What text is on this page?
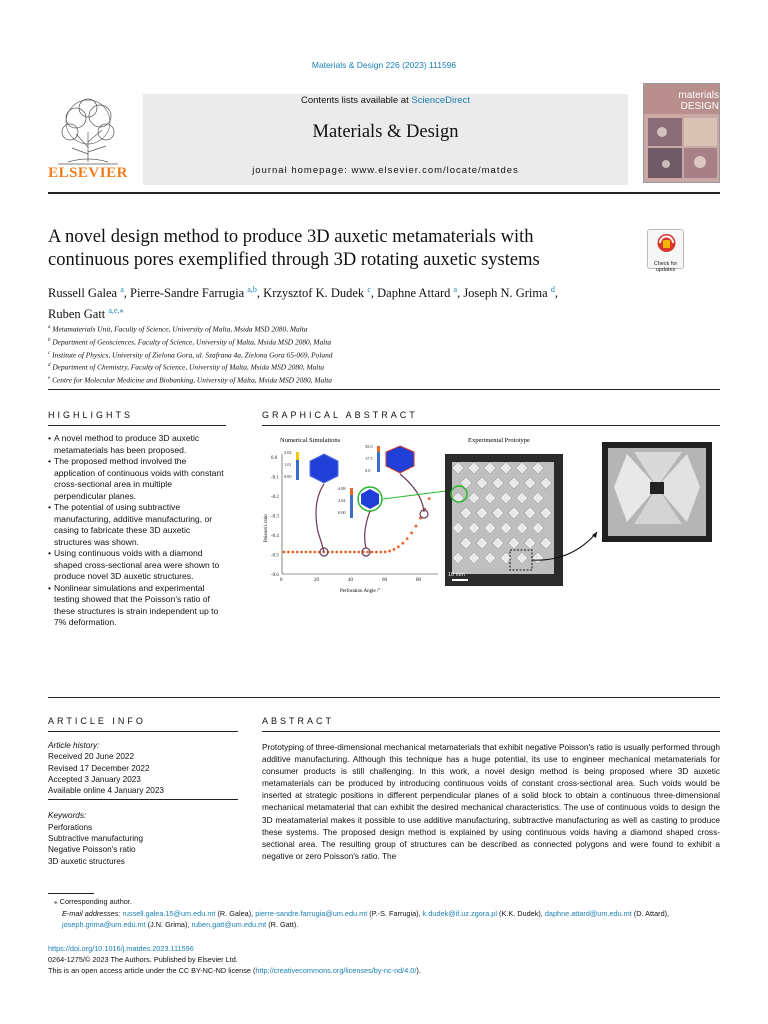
Materials & Design 226 (2023) 111596
ELSEVIER
Contents lists available at ScienceDirect
Materials & Design
journal homepage: www.elsevier.com/locate/matdes
materials DESIGN
A novel design method to produce 3D auxetic metamaterials with continuous pores exemplified through 3D rotating auxetic systems	Check for updates
Russell Galea $^a$, Pierre-Sandre Farrugia $^{a,b}$, Krzysztof K. Dudek $^c$, Daphne Attard $^a$, Joseph N. Grima $^d$,
Ruben Gatt $^{a,e,⁎}$
$^a$ Metamaterials Unit, Faculty of Science, University of Malta, Msida MSD 2080, Malta
$^b$ Department of Geosciences, Faculty of Science, University of Malta, Msida MSD 2080, Malta
$^c$ Institute of Physics, University of Zielona Gora, ul. Szafrana 4a, Zielona Gora 65-069, Poland
$^d$ Department of Chemistry, Faculty of Science, University of Malta, Msida MSD 2080, Malta
$^e$ Centre for Molecular Medicine and Biobanking, University of Malta, Msida MSD 2080, Malta
HIGHLIGHTS
• A novel method to produce 3D auxetic metamaterials has been proposed.
• The proposed method involved the application of continuous voids with constant cross-sectional area in multiple perpendicular planes.
• The potential of using subtractive manufacturing, additive manufacturing, or casing to fabricate these 3D auxetic structures was shown.
• Using continuous voids with a diamond shaped cross-sectional area were shown to produce novel 3D auxetic structures.
• Nonlinear simulations and experimental testing showed that the Poisson's ratio of these structures is strain independent up to 7% deformation.
GRAPHICAL ABSTRACT
Numerical Simulations	Experimental Prototype
0.0
-0.1
-0.2
-0.3
-0.4
-0.5
-0.6
0	20	40	60	80
Poisson's ratio
Perforation Angle /°
2.02
1.01
0.00
35.0
17.5
0.0
4.08
2.04
0.00
10 mm
ARTICLE INFO
Article history:
Received 20 June 2022
Revised 17 December 2022
Accepted 3 January 2023
Available online 4 January 2023
Keywords:
Perforations
Subtractive manufacturing
Negative Poisson's ratio
3D auxetic structures
ABSTRACT
Prototyping of three-dimensional mechanical metamaterials that exhibit negative Poisson's ratio is usually performed through additive manufacturing. Although this technique has a huge potential, its use to engineer mechanical metamaterials for consumer products is still challenging. In this work, a novel design method is being proposed where 3D auxetic metamaterials can be produced by introducing continuous voids of constant cross-sectional area. Such voids would be inserted at strategic positions in different perpendicular planes of a solid block to obtain a continuous three-dimensional mechanical metamaterial that can exhibit the desired mechanical characteristics. The use of continuous voids to design the 3D meatamaterial makes it possible to use additive manufacturing, subtractive manufacturing as well as casting to produce these systems. The proposed design method is explained by using continuous voids having a diamond shaped cross-sectional area. The resulting group of structures can be described as connected polygons and were found to exhibit a negative or zero Poisson's ratio. The
⁎ Corresponding author.
E-mail addresses: russell.galea.15@um.edu.mt (R. Galea), pierre-sandre.farrugia@um.edu.mt (P.-S. Farrugia), k.dudek@if.uz.zgora.pl (K.K. Dudek), daphne.attard@um.edu.mt (D. Attard), joseph.grima@um.edu.mt (J.N. Grima), ruben.gatt@um.edu.mt (R. Gatt).
https://doi.org/10.1016/j.matdes.2023.111596
0264-1275/© 2023 The Authors. Published by Elsevier Ltd.
This is an open access article under the CC BY-NC-ND license (http://creativecommons.org/licenses/by-nc-nd/4.0/).
